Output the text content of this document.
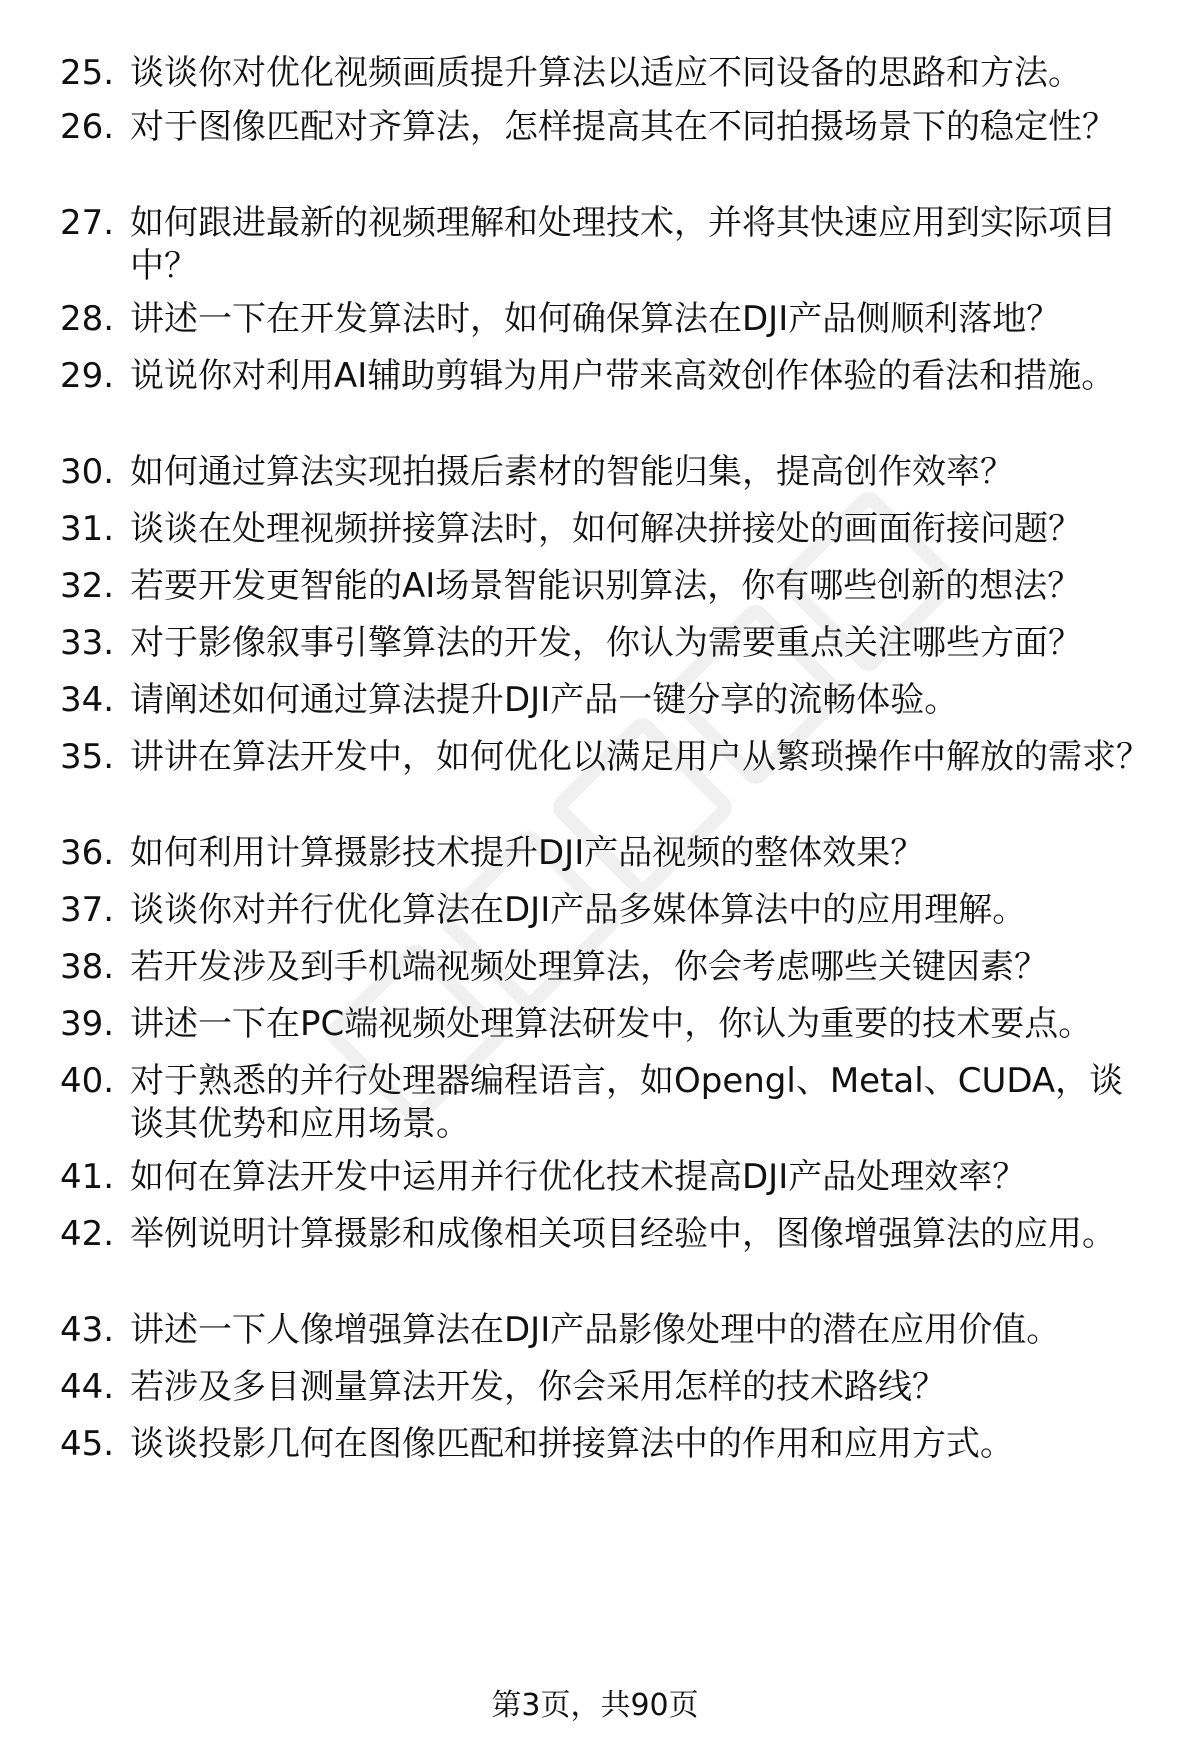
25. 谈谈你对优化视频画质提升算法以适应不同设备的思路和方法。
26. 对于图像匹配对齐算法，怎样提高其在不同拍摄场景下的稳定性？
27. 如何跟进最新的视频理解和处理技术，并将其快速应用到实际项目中？
28. 讲述一下在开发算法时，如何确保算法在DJI产品侧顺利落地？
29. 说说你对利用AI辅助剪辑为用户带来高效创作体验的看法和措施。
30. 如何通过算法实现拍摄后素材的智能归集，提高创作效率？
31. 谈谈在处理视频拼接算法时，如何解决拼接处的画面衔接问题？
32. 若要开发更智能的AI场景智能识别算法，你有哪些创新的想法？
33. 对于影像叙事引擎算法的开发，你认为需要重点关注哪些方面？
34. 请阐述如何通过算法提升DJI产品一键分享的流畅体验。
35. 讲讲在算法开发中，如何优化以满足用户从繁琐操作中解放的需求？
36. 如何利用计算摄影技术提升DJI产品视频的整体效果？
37. 谈谈你对并行优化算法在DJI产品多媒体算法中的应用理解。
38. 若开发涉及到手机端视频处理算法，你会考虑哪些关键因素？
39. 讲述一下在PC端视频处理算法研发中，你认为重要的技术要点。
40. 对于熟悉的并行处理器编程语言，如Opengl、Metal、CUDA，谈谈其优势和应用场景。
41. 如何在算法开发中运用并行优化技术提高DJI产品处理效率？
42. 举例说明计算摄影和成像相关项目经验中，图像增强算法的应用。
43. 讲述一下人像增强算法在DJI产品影像处理中的潜在应用价值。
44. 若涉及多目测量算法开发，你会采用怎样的技术路线？
45. 谈谈投影几何在图像匹配和拼接算法中的作用和应用方式。
第3页，共90页
